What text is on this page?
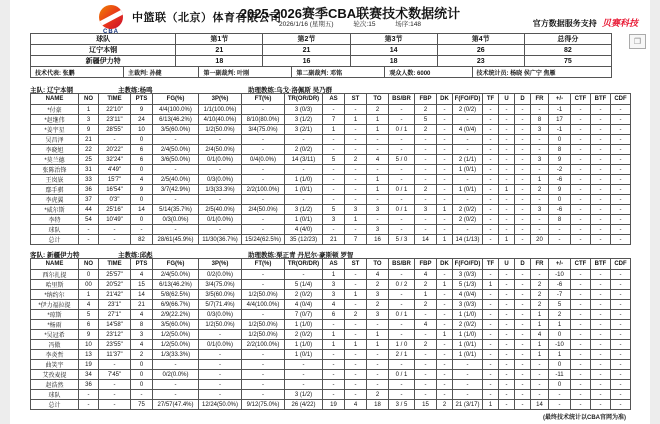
CBA
中篮联（北京）体育有限公司
2025-2026赛季CBA联赛技术数据统计
2026/1/16 (星期五)	轮次:15	场序:148	官方数据服务支持 贝赛科技
❐
球队	第1节	第2节	第3节	第4节	总得分
辽宁本钢	21	21	14	26	82
新疆伊力特	18	16	18	23	75
技术代表: 张鹏	主裁判: 孙健	第一副裁判: 叶刚	第二副裁判: 邓铭	观众人数: 6000	技术统计员: 杨晓 侯广宁 焦雁
主队: 辽宁本钢	主教练:杨鸣	助理教练:乌戈·洛佩斯 吴乃群
NAME	NO	TIME	PTS	FG(%)	3P(%)	FT(%)	TR(OR/DR)	AS	ST	TO	BS/BR	FBP	DK	F(FO/FD)	TF	U	D	FR	+/-	CTF	BTF	CDF
*付豪	1	22'10"	9	4/4(100.0%)	1/1(100.0%)	-	3 (0/3)	-	-	2	-	2	-	2 (0/2)	-	-	-	-	-1	-	-	-
*赵继伟	3	23'11"	24	6/13(46.2%)	4/10(40.0%)	8/10(80.0%)	3 (1/2)	7	1	1	-	5	-	-	-	-	-	8	17	-	-	-
*姜宇星	9	28'55"	10	3/5(60.0%)	1/2(50.0%)	3/4(75.0%)	3 (2/1)	1	-	1	0 / 1	2	-	4 (0/4)	-	-	-	3	-1	-	-	-
吴昌泽	21	-	0	-	-	-	-	-	-	-	-	-	-	-	-	-	-	-	0	-	-	-
李晓旭	22	20'22"	6	2/4(50.0%)	2/4(50.0%)	-	2 (0/2)	-	-	-	-	-	-	-	-	-	-	-	8	-	-	-
*莫兰德	25	32'24"	6	3/6(50.0%)	0/1(0.0%)	0/4(0.0%)	14 (3/11)	5	2	4	5 / 0	-	-	2 (1/1)	-	-	-	3	9	-	-	-
张陈治锋	31	4'49"	0	-	-	-	-	-	-	-	-	-	-	1 (0/1)	-	-	-	-	-2	-	-	-
王岚嵚	33	15'7"	4	2/5(40.0%)	0/3(0.0%)	-	1 (1/0)	-	-	1	-	-	-	-	-	-	-	1	-6	-	-	-
鄢手骐	36	16'54"	9	3/7(42.9%)	1/3(33.3%)	2/2(100.0%)	1 (0/1)	-	-	1	0 / 1	2	-	1 (0/1)	-	1	-	2	9	-	-	-
李虎翼	37	0'3"	0	-	-	-	-	-	-	-	-	-	-	-	-	-	-	-	0	-	-	-
*威尔斯	44	25'16"	14	5/14(35.7%)	2/5(40.0%)	2/4(50.0%)	3 (1/2)	5	3	3	0 / 1	3	1	2 (0/2)	-	-	-	3	-6	-	-	-
李特	54	10'49"	0	0/3(0.0%)	0/1(0.0%)	-	1 (0/1)	3	1	-	-	-	-	2 (0/2)	-	-	-	-	8	-	-	-
球队	-	-	-	-	-	-	4 (4/0)	-	-	3	-	-	-	-	-	-	-	-	-	-	-	-
总计	-	-	82	28/61(45.9%)	11/30(36.7%)	15/24(62.5%)	35 (12/23)	21	7	16	5 / 3	14	1	14 (1/13)	-	1	-	20	-	-	-	-
客队: 新疆伊力特	主教练:邱彪	助理教练:栗正青 丹尼尔·豪斯顿 罗智
NAME	NO	TIME	PTS	FG(%)	3P(%)	FT(%)	TR(OR/DR)	AS	ST	TO	BS/BR	FBP	DK	F(FO/FD)	TF	U	D	FR	+/-	CTF	BTF	CDF
西尔扎提	0	25'57"	4	2/4(50.0%)	0/2(0.0%)	-	-	1	-	4	-	4	-	3 (0/3)	-	-	-	-	-10	-	-	-
哈里斯	00	20'52"	15	6/13(46.2%)	3/4(75.0%)	-	5 (1/4)	3	-	2	0 / 2	2	1	5 (1/3)	1	-	-	2	-6	-	-	-
*纳约尔	1	21'42"	14	5/8(62.5%)	3/5(60.0%)	1/2(50.0%)	2 (0/2)	3	1	3	-	1	-	4 (0/4)	-	-	-	2	-7	-	-	-
*伊力福拉提	4	23'1"	21	6/9(66.7%)	5/7(71.4%)	4/4(100.0%)	4 (0/4)	4	-	2	-	2	-	3 (0/3)	-	-	-	2	5	-	-	-
*琼斯	5	27'1"	4	2/9(22.2%)	0/3(0.0%)	-	7 (0/7)	6	2	3	0 / 1	-	-	1 (1/0)	-	-	-	1	2	-	-	-
*杨雨	6	14'58"	8	3/5(60.0%)	1/2(50.0%)	1/2(50.0%)	1 (1/0)	-	-	-	-	4	-	2 (0/2)	-	-	-	1	1	-	-	-
*吴冠希	9	23'12"	3	1/2(50.0%)	-	1/2(50.0%)	2 (0/2)	1	-	1	-	-	1	1 (1/0)	-	-	-	4	0	-	-	-
冯傲	10	23'55"	4	1/2(50.0%)	0/1(0.0%)	2/2(100.0%)	1 (1/0)	1	1	1	1 / 0	2	-	1 (0/1)	-	-	-	1	-10	-	-	-
李炎哲	13	11'37"	2	1/3(33.3%)	-	-	1 (0/1)	-	-	-	2 / 1	-	-	1 (0/1)	-	-	-	1	1	-	-	-
曲笑宇	19	-	0	-	-	-	-	-	-	-	-	-	-	-	-	-	-	-	0	-	-	-
艾孜麦提	34	7'45"	0	0/2(0.0%)	-	-	-	-	-	-	0 / 1	-	-	-	-	-	-	-	-11	-	-	-
赵浩然	36	-	0	-	-	-	-	-	-	-	-	-	-	-	-	-	-	-	0	-	-	-
球队	-	-	-	-	-	-	3 (1/2)	-	-	2	-	-	-	-	-	-	-	-	-	-	-	-
总计	-	-	75	27/57(47.4%)	12/24(50.0%)	9/12(75.0%)	26 (4/22)	19	4	18	3 / 5	15	2	21 (3/17)	1	-	-	14	-	-	-	-
(最终技术统计以CBA官网为准)
